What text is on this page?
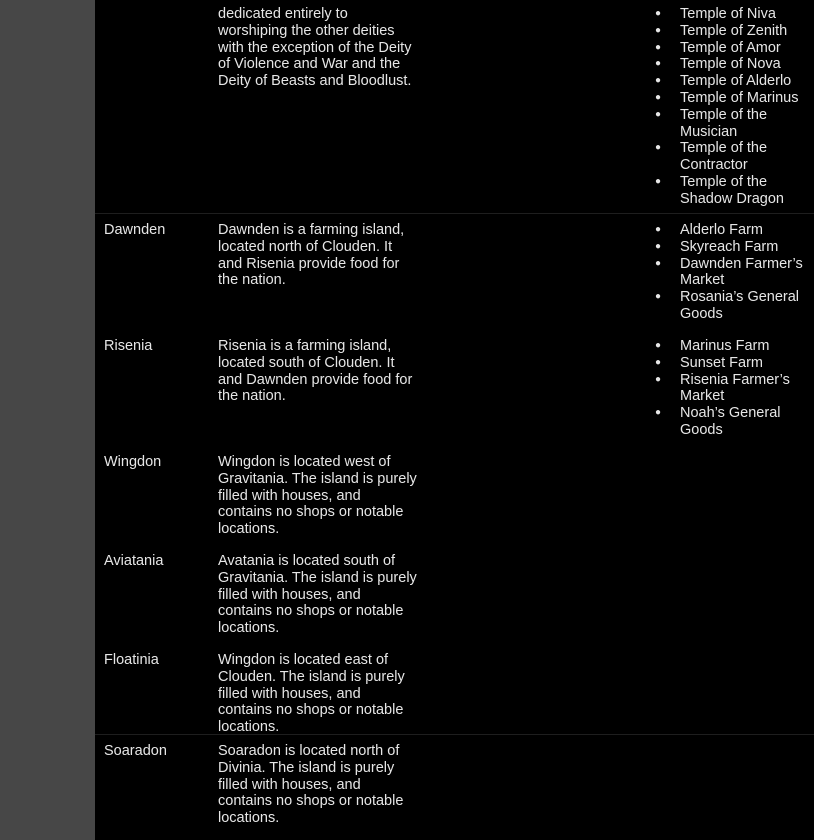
dedicated entirely to worshiping the other deities with the exception of the Deity of Violence and War and the Deity of Beasts and Bloodlust.
● Temple of Niva
● Temple of Zenith
● Temple of Amor
● Temple of Nova
● Temple of Alderlo
● Temple of Marinus
● Temple of the Musician
● Temple of the Contractor
● Temple of the Shadow Dragon
Dawnden	Dawnden is a farming island, located north of Clouden. It and Risenia provide food for the nation.
● Alderlo Farm
● Skyreach Farm
● Dawnden Farmer’s Market
● Rosania’s General Goods
Risenia	Risenia is a farming island, located south of Clouden. It and Dawnden provide food for the nation.
● Marinus Farm
● Sunset Farm
● Risenia Farmer’s Market
● Noah’s General Goods
Wingdon	Wingdon is located west of Gravitania. The island is purely filled with houses, and contains no shops or notable locations.
Aviatania	Avatania is located south of Gravitania. The island is purely filled with houses, and contains no shops or notable locations.
Floatinia	Wingdon is located east of Clouden. The island is purely filled with houses, and contains no shops or notable locations.
Soaradon	Soaradon is located north of Divinia. The island is purely filled with houses, and contains no shops or notable locations.
